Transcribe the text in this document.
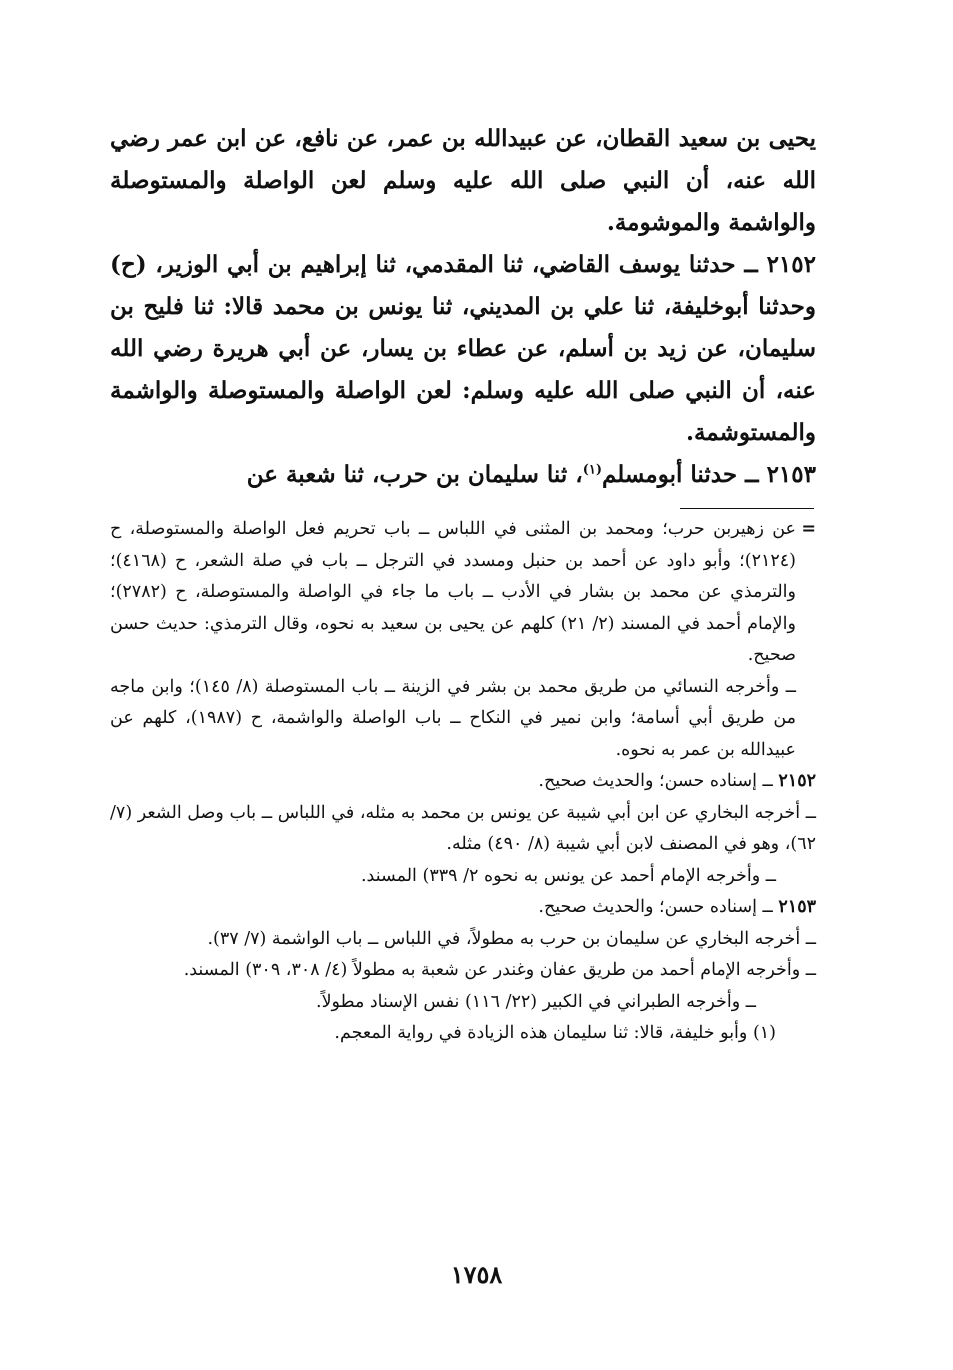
يحيى بن سعيد القطان، عن عبيدالله بن عمر، عن نافع، عن ابن عمر رضي الله عنه، أن النبي صلى الله عليه وسلم لعن الواصلة والمستوصلة والواشمة والموشومة.

٢١٥٢ ــ حدثنا يوسف القاضي، ثنا المقدمي، ثنا إبراهيم بن أبي الوزير، (ح) وحدثنا أبوخليفة، ثنا علي بن المديني، ثنا يونس بن محمد قالا: ثنا فليح بن سليمان، عن زيد بن أسلم، عن عطاء بن يسار، عن أبي هريرة رضي الله عنه، أن النبي صلى الله عليه وسلم: لعن الواصلة والمستوصلة والواشمة والمستوشمة.

٢١٥٣ ــ حدثنا أبومسلم$^{(١)}$، ثنا سليمان بن حرب، ثنا شعبة عن

=

عن زهيربن حرب؛ ومحمد بن المثنى في اللباس ــ باب تحريم فعل الواصلة والمستوصلة، ح (٢١٢٤)؛ وأبو داود عن أحمد بن حنبل ومسدد في الترجل ــ باب في صلة الشعر، ح (٤١٦٨)؛ والترمذي عن محمد بن بشار في الأدب ــ باب ما جاء في الواصلة والمستوصلة، ح (٢٧٨٢)؛ والإمام أحمد في المسند (٢/ ٢١) كلهم عن يحيى بن سعيد به نحوه، وقال الترمذي: حديث حسن صحيح.

ــ وأخرجه النسائي من طريق محمد بن بشر في الزينة ــ باب المستوصلة (٨/ ١٤٥)؛ وابن ماجه من طريق أبي أسامة؛ وابن نمير في النكاح ــ باب الواصلة والواشمة، ح (١٩٨٧)، كلهم عن عبيدالله بن عمر به نحوه.

٢١٥٢ ــ إسناده حسن؛ والحديث صحيح.

ــ أخرجه البخاري عن ابن أبي شيبة عن يونس بن محمد به مثله، في اللباس ــ باب وصل الشعر (٧/ ٦٢)، وهو في المصنف لابن أبي شيبة (٨/ ٤٩٠) مثله.

ــ وأخرجه الإمام أحمد عن يونس به نحوه ٢/ ٣٣٩) المسند.

٢١٥٣ ــ إسناده حسن؛ والحديث صحيح.

ــ أخرجه البخاري عن سليمان بن حرب به مطولاً، في اللباس ــ باب الواشمة (٧/ ٣٧).

ــ وأخرجه الإمام أحمد من طريق عفان وغندر عن شعبة به مطولاً (٤/ ٣٠٨، ٣٠٩) المسند.

ــ وأخرجه الطبراني في الكبير (٢٢/ ١١٦) نفس الإسناد مطولاً.

(١) وأبو خليفة، قالا: ثنا سليمان هذه الزيادة في رواية المعجم.

١٧٥٨
